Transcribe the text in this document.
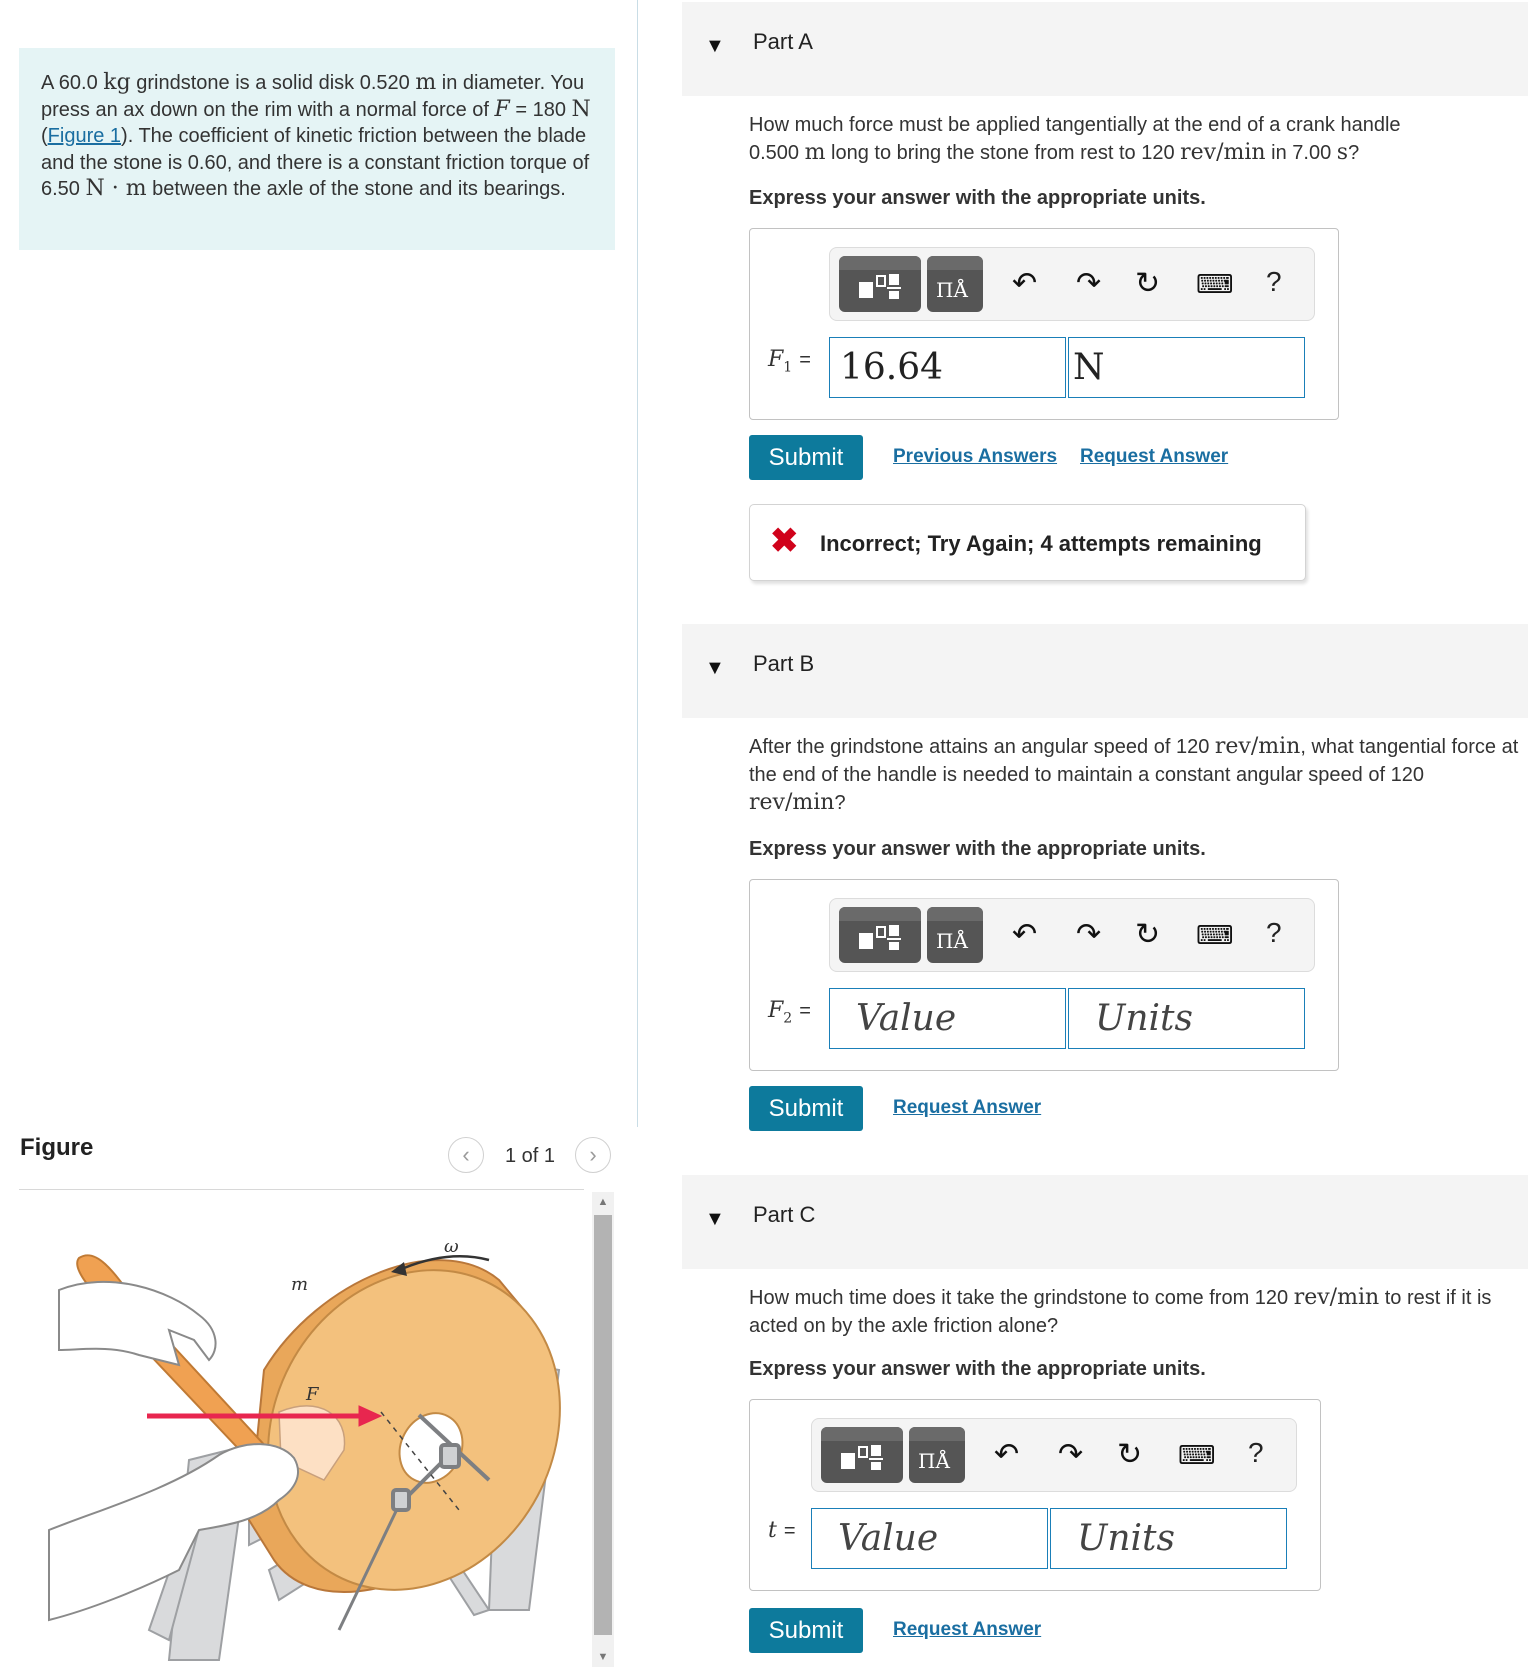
A 60.0 kg grindstone is a solid disk 0.520 m in diameter. You press an ax down on the rim with a normal force of F = 180 N (Figure 1). The coefficient of kinetic friction between the blade and the stone is 0.60, and there is a constant friction torque of 6.50 N · m between the axle of the stone and its bearings.
Figure	‹ 1 of 1 ›
ω
m
F
▲
▼
▼ Part A
How much force must be applied tangentially at the end of a crank handle
0.500 m long to bring the stone from rest to 120 rev/min in 7.00 s?
Express your answer with the appropriate units.
ΠÅ ↶ ↷ ↻ ⌨ ?
$F_1 = 16.64$	N
Submit	Previous Answers Request Answer
✖ Incorrect; Try Again; 4 attempts remaining
▼ Part B
After the grindstone attains an angular speed of 120 rev/min, what tangential force at the end of the handle is needed to maintain a constant angular speed of 120 rev/min?
Express your answer with the appropriate units.
ΠÅ ↶ ↷ ↻ ⌨ ?
$F_2$ =	Value	Units
Submit	Request Answer
▼ Part C
How much time does it take the grindstone to come from 120 rev/min to rest if it is acted on by the axle friction alone?
Express your answer with the appropriate units.
ΠÅ ↶ ↷ ↻ ⌨ ?
t =	Value	Units
Submit	Request Answer
